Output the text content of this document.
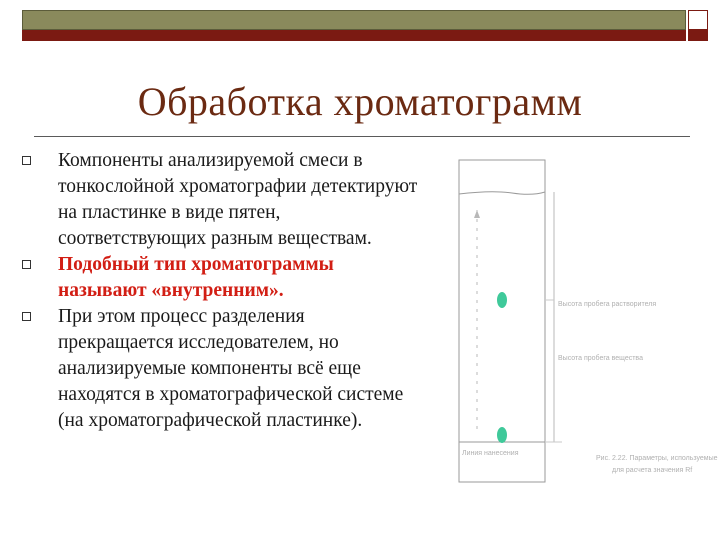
Обработка хроматограмм
Компоненты анализируемой смеси в тонкослойной хроматографии детектируют на пластинке в виде пятен, соответствующих разным веществам.
Подобный тип хроматограммы называют «внутренним».
При этом процесс разделения прекращается исследователем, но анализируемые компоненты всё еще находятся в хроматографической системе (на хроматографической пластинке).
Высота пробега растворителя
Высота пробега вещества
Линия нанесения
Рис. 2.22. Параметры, используемые
для расчета значения Rf
